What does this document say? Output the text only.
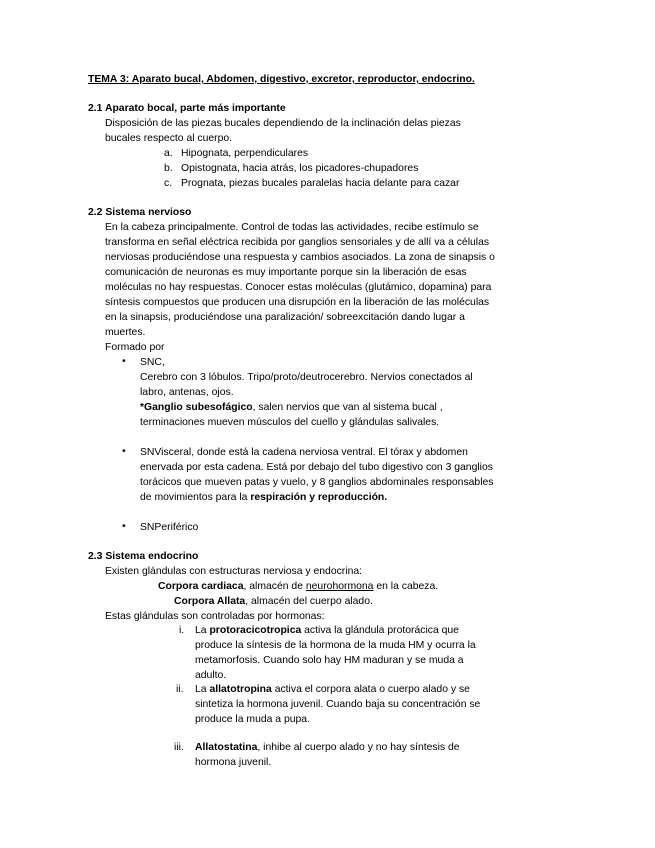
TEMA 3: Aparato bucal, Abdomen, digestivo, excretor, reproductor, endocrino.
2.1 Aparato bocal, parte más importante
Disposición de las piezas bucales dependiendo de la inclinación delas piezas
bucales respecto al cuerpo.
a. Hipognata, perpendiculares
b. Opistognata, hacia atrás, los picadores-chupadores
c. Prognata, piezas bucales paralelas hacia delante para cazar
2.2 Sistema nervioso
En la cabeza principalmente. Control de todas las actividades, recibe estímulo se
transforma en señal eléctrica recibida por ganglios sensoriales y de allí va a células
nerviosas produciéndose una respuesta y cambios asociados. La zona de sinapsis o
comunicación de neuronas es muy importante porque sin la liberación de esas
moléculas no hay respuestas. Conocer estas moléculas (glutámico, dopamina) para
síntesis compuestos que producen una disrupción en la liberación de las moléculas
en la sinapsis, produciéndose una paralización/ sobreexcitación dando lugar a
muertes.
Formado por
• SNC,
Cerebro con 3 lóbulos. Tripo/proto/deutrocerebro. Nervios conectados al
labro, antenas, ojos.
*Ganglio subesofágico, salen nervios que van al sistema bucal ,
terminaciones mueven músculos del cuello y glándulas salivales.
• SNVisceral, donde está la cadena nerviosa ventral. El tórax y abdomen
enervada por esta cadena. Está por debajo del tubo digestivo con 3 ganglios
torácicos que mueven patas y vuelo, y 8 ganglios abdominales responsables
de movimientos para la respiración y reproducción.
• SNPeriférico
2.3 Sistema endocrino
Existen glándulas con estructuras nerviosa y endocrina:
Corpora cardiaca, almacén de neurohormona en la cabeza.
Corpora Allata, almacén del cuerpo alado.
Estas glándulas son controladas por hormonas:
i. La protoracicotropica activa la glándula protorácica que
produce la síntesis de la hormona de la muda HM y ocurra la
metamorfosis. Cuando solo hay HM maduran y se muda a
adulto.
ii. La allatotropina activa el corpora alata o cuerpo alado y se
sintetiza la hormona juvenil. Cuando baja su concentración se
produce la muda a pupa.
iii. Allatostatina, inhibe al cuerpo alado y no hay síntesis de
hormona juvenil.
